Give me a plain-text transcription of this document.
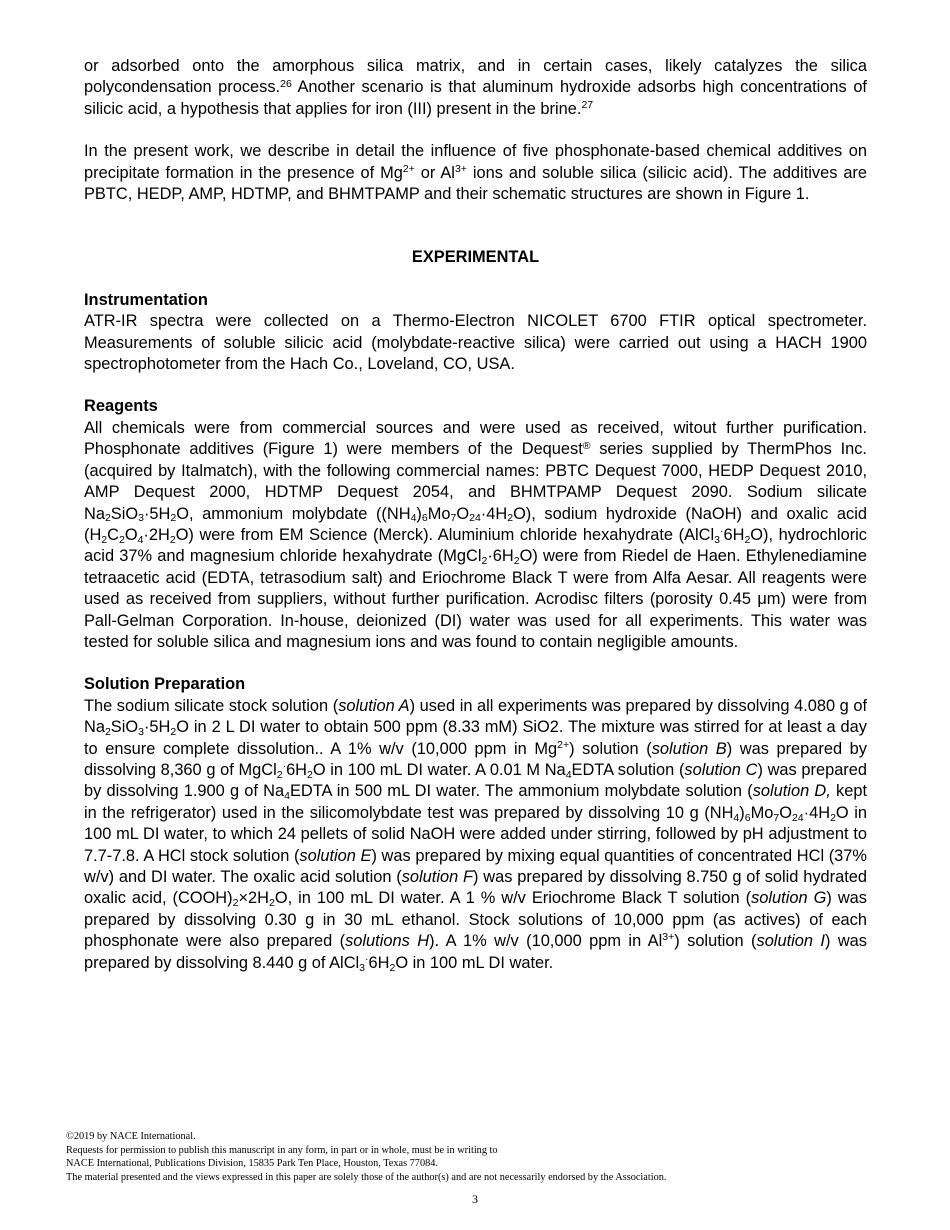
or adsorbed onto the amorphous silica matrix, and in certain cases, likely catalyzes the silica polycondensation process.$^{26}$ Another scenario is that aluminum hydroxide adsorbs high concentrations of silicic acid, a hypothesis that applies for iron (III) present in the brine.$^{27}$

In the present work, we describe in detail the influence of five phosphonate-based chemical additives on precipitate formation in the presence of $Mg^{2+}$ or $Al^{3+}$ ions and soluble silica (silicic acid). The additives are PBTC, HEDP, AMP, HDTMP, and BHMTPAMP and their schematic structures are shown in Figure 1.

EXPERIMENTAL

Instrumentation

ATR-IR spectra were collected on a Thermo-Electron NICOLET 6700 FTIR optical spectrometer. Measurements of soluble silicic acid (molybdate-reactive silica) were carried out using a HACH 1900 spectrophotometer from the Hach Co., Loveland, CO, USA.

Reagents

All chemicals were from commercial sources and were used as received, witout further purification. Phosphonate additives (Figure 1) were members of the Dequest® series supplied by ThermPhos Inc. (acquired by Italmatch), with the following commercial names: PBTC Dequest 7000, HEDP Dequest 2010, AMP Dequest 2000, HDTMP Dequest 2054, and BHMTPAMP Dequest 2090. Sodium silicate $Na_2SiO_3\cdot 5H_2O$, ammonium molybdate $((NH_4)_6Mo_7O_{24}\cdot 4H_2O)$, sodium hydroxide (NaOH) and oxalic acid $(H_2C_2O_4\cdot 2H_2O)$ were from EM Science (Merck). Aluminium chloride hexahydrate $(AlCl_3^\cdot 6H_2O)$, hydrochloric acid 37% and magnesium chloride hexahydrate $(MgCl_2\cdot 6H_2O)$ were from Riedel de Haen. Ethylenediamine tetraacetic acid (EDTA, tetrasodium salt) and Eriochrome Black T were from Alfa Aesar. All reagents were used as received from suppliers, without further purification. Acrodisc filters (porosity 0.45 μm) were from Pall-Gelman Corporation. In-house, deionized (DI) water was used for all experiments. This water was tested for soluble silica and magnesium ions and was found to contain negligible amounts.

Solution Preparation

The sodium silicate stock solution (solution A) used in all experiments was prepared by dissolving 4.080 g of $Na_2SiO_3\cdot 5H_2O$ in 2 L DI water to obtain 500 ppm (8.33 mM) SiO2. The mixture was stirred for at least a day to ensure complete dissolution.. A 1% w/v (10,000 ppm in $Mg^{2+}$) solution (solution B) was prepared by dissolving 8,360 g of $MgCl_2^\cdot 6H_2O$ in 100 mL DI water. A 0.01 M $Na_4EDTA$ solution (solution C) was prepared by dissolving 1.900 g of $Na_4EDTA$ in 500 mL DI water. The ammonium molybdate solution (solution D, kept in the refrigerator) used in the silicomolybdate test was prepared by dissolving 10 g $(NH_4)_6Mo_7O_{24}\cdot 4H_2O$ in 100 mL DI water, to which 24 pellets of solid NaOH were added under stirring, followed by pH adjustment to 7.7-7.8. A HCl stock solution (solution E) was prepared by mixing equal quantities of concentrated HCl (37% w/v) and DI water. The oxalic acid solution (solution F) was prepared by dissolving 8.750 g of solid hydrated oxalic acid, $(COOH)_2\times 2H_2O$, in 100 mL DI water. A 1 % w/v Eriochrome Black T solution (solution G) was prepared by dissolving 0.30 g in 30 mL ethanol. Stock solutions of 10,000 ppm (as actives) of each phosphonate were also prepared (solutions H). A 1% w/v (10,000 ppm in $Al^{3+}$) solution (solution I) was prepared by dissolving 8.440 g of $AlCl_3^\cdot 6H_2O$ in 100 mL DI water.

©2019 by NACE International.
Requests for permission to publish this manuscript in any form, in part or in whole, must be in writing to
NACE International, Publications Division, 15835 Park Ten Place, Houston, Texas 77084.
The material presented and the views expressed in this paper are solely those of the author(s) and are not necessarily endorsed by the Association.
3
